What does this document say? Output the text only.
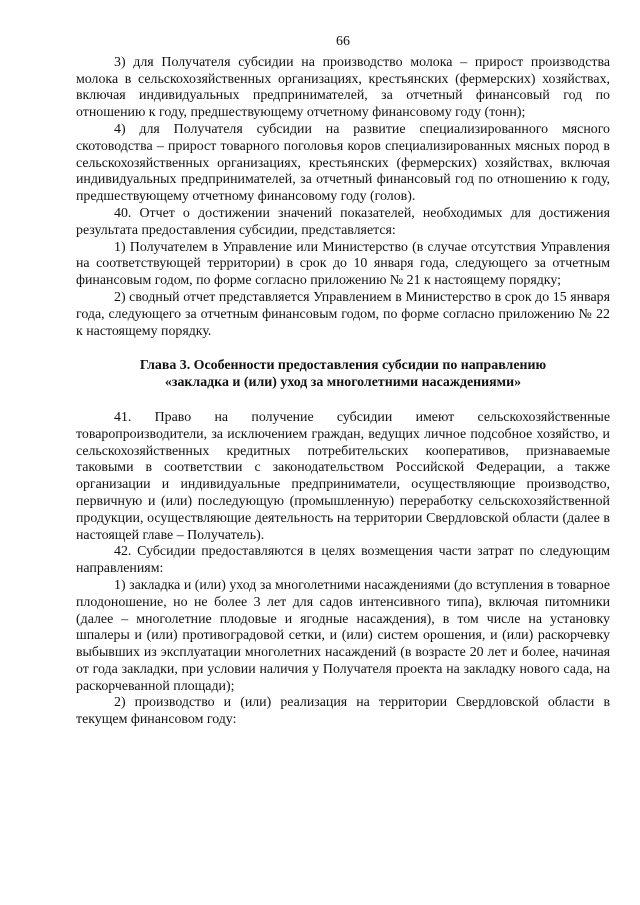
66

3) для Получателя субсидии на производство молока – прирост производства молока в сельскохозяйственных организациях, крестьянских (фермерских) хозяйствах, включая индивидуальных предпринимателей, за отчетный финансовый год по отношению к году, предшествующему отчетному финансовому году (тонн);

4) для Получателя субсидии на развитие специализированного мясного скотоводства – прирост товарного поголовья коров специализированных мясных пород в сельскохозяйственных организациях, крестьянских (фермерских) хозяйствах, включая индивидуальных предпринимателей, за отчетный финансовый год по отношению к году, предшествующему отчетному финансовому году (голов).

40. Отчет о достижении значений показателей, необходимых для достижения результата предоставления субсидии, представляется:

1) Получателем в Управление или Министерство (в случае отсутствия Управления на соответствующей территории) в срок до 10 января года, следующего за отчетным финансовым годом, по форме согласно приложению № 21 к настоящему порядку;

2) сводный отчет представляется Управлением в Министерство в срок до 15 января года, следующего за отчетным финансовым годом, по форме согласно приложению № 22 к настоящему порядку.

Глава 3. Особенности предоставления субсидии по направлению
«закладка и (или) уход за многолетними насаждениями»

41. Право на получение субсидии имеют сельскохозяйственные товаропроизводители, за исключением граждан, ведущих личное подсобное хозяйство, и сельскохозяйственных кредитных потребительских кооперативов, признаваемые таковыми в соответствии с законодательством Российской Федерации, а также организации и индивидуальные предприниматели, осуществляющие производство, первичную и (или) последующую (промышленную) переработку сельскохозяйственной продукции, осуществляющие деятельность на территории Свердловской области (далее в настоящей главе – Получатель).

42. Субсидии предоставляются в целях возмещения части затрат по следующим направлениям:

1) закладка и (или) уход за многолетними насаждениями (до вступления в товарное плодоношение, но не более 3 лет для садов интенсивного типа), включая питомники (далее – многолетние плодовые и ягодные насаждения), в том числе на установку шпалеры и (или) противоградовой сетки, и (или) систем орошения, и (или) раскорчевку выбывших из эксплуатации многолетних насаждений (в возрасте 20 лет и более, начиная от года закладки, при условии наличия у Получателя проекта на закладку нового сада, на раскорчеванной площади);

2) производство и (или) реализация на территории Свердловской области в текущем финансовом году:
